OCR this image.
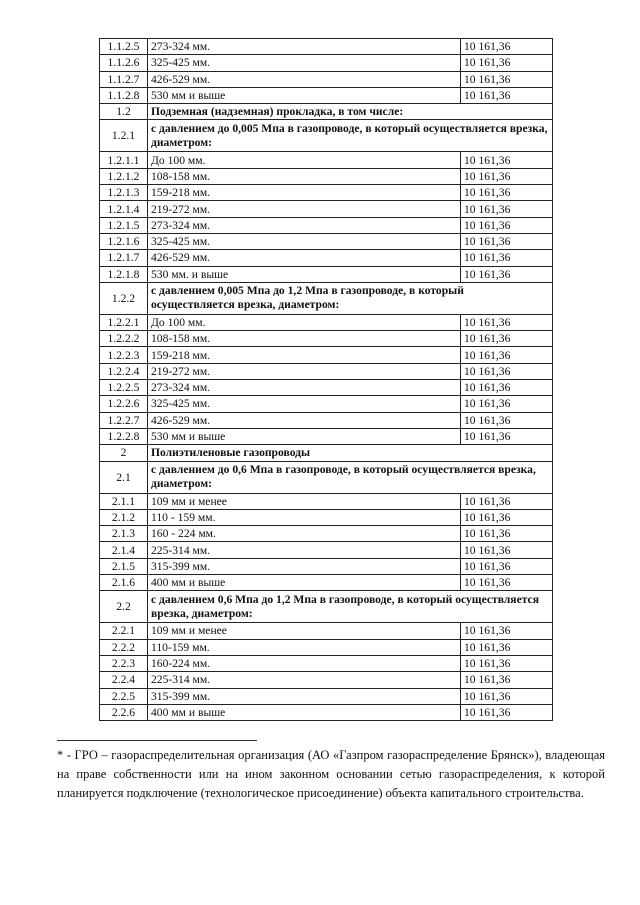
1.1.2.5	273-324 мм.	10 161,36
1.1.2.6	325-425 мм.	10 161,36
1.1.2.7	426-529 мм.	10 161,36
1.1.2.8	530 мм и выше	10 161,36
1.2	Подземная (надземная) прокладка, в том числе:	
1.2.1	с давлением до 0,005 Мпа в газопроводе, в который осуществляется врезка, диаметром:	
1.2.1.1	До 100 мм.	10 161,36
1.2.1.2	108-158 мм.	10 161,36
1.2.1.3	159-218 мм.	10 161,36
1.2.1.4	219-272 мм.	10 161,36
1.2.1.5	273-324 мм.	10 161,36
1.2.1.6	325-425 мм.	10 161,36
1.2.1.7	426-529 мм.	10 161,36
1.2.1.8	530 мм. и выше	10 161,36
1.2.2	с давлением 0,005 Мпа до 1,2 Мпа в газопроводе, в который осуществляется врезка, диаметром:	
1.2.2.1	До 100 мм.	10 161,36
1.2.2.2	108-158 мм.	10 161,36
1.2.2.3	159-218 мм.	10 161,36
1.2.2.4	219-272 мм.	10 161,36
1.2.2.5	273-324 мм.	10 161,36
1.2.2.6	325-425 мм.	10 161,36
1.2.2.7	426-529 мм.	10 161,36
1.2.2.8	530 мм и выше	10 161,36
2	Полиэтиленовые газопроводы	
2.1	с давлением до 0,6 Мпа в газопроводе, в который осуществляется врезка, диаметром:	
2.1.1	109 мм и менее	10 161,36
2.1.2	110 - 159 мм.	10 161,36
2.1.3	160 - 224 мм.	10 161,36
2.1.4	225-314 мм.	10 161,36
2.1.5	315-399 мм.	10 161,36
2.1.6	400 мм и выше	10 161,36
2.2	с давлением 0,6 Мпа до 1,2 Мпа в газопроводе, в который осуществляется врезка, диаметром:	
2.2.1	109 мм и менее	10 161,36
2.2.2	110-159 мм.	10 161,36
2.2.3	160-224 мм.	10 161,36
2.2.4	225-314 мм.	10 161,36
2.2.5	315-399 мм.	10 161,36
2.2.6	400 мм и выше	10 161,36
* - ГРО – газораспределительная организация (АО «Газпром газораспределение Брянск»), владеющая на праве собственности или на ином законном основании сетью газораспределения, к которой планируется подключение (технологическое присоединение) объекта капитального строительства.
